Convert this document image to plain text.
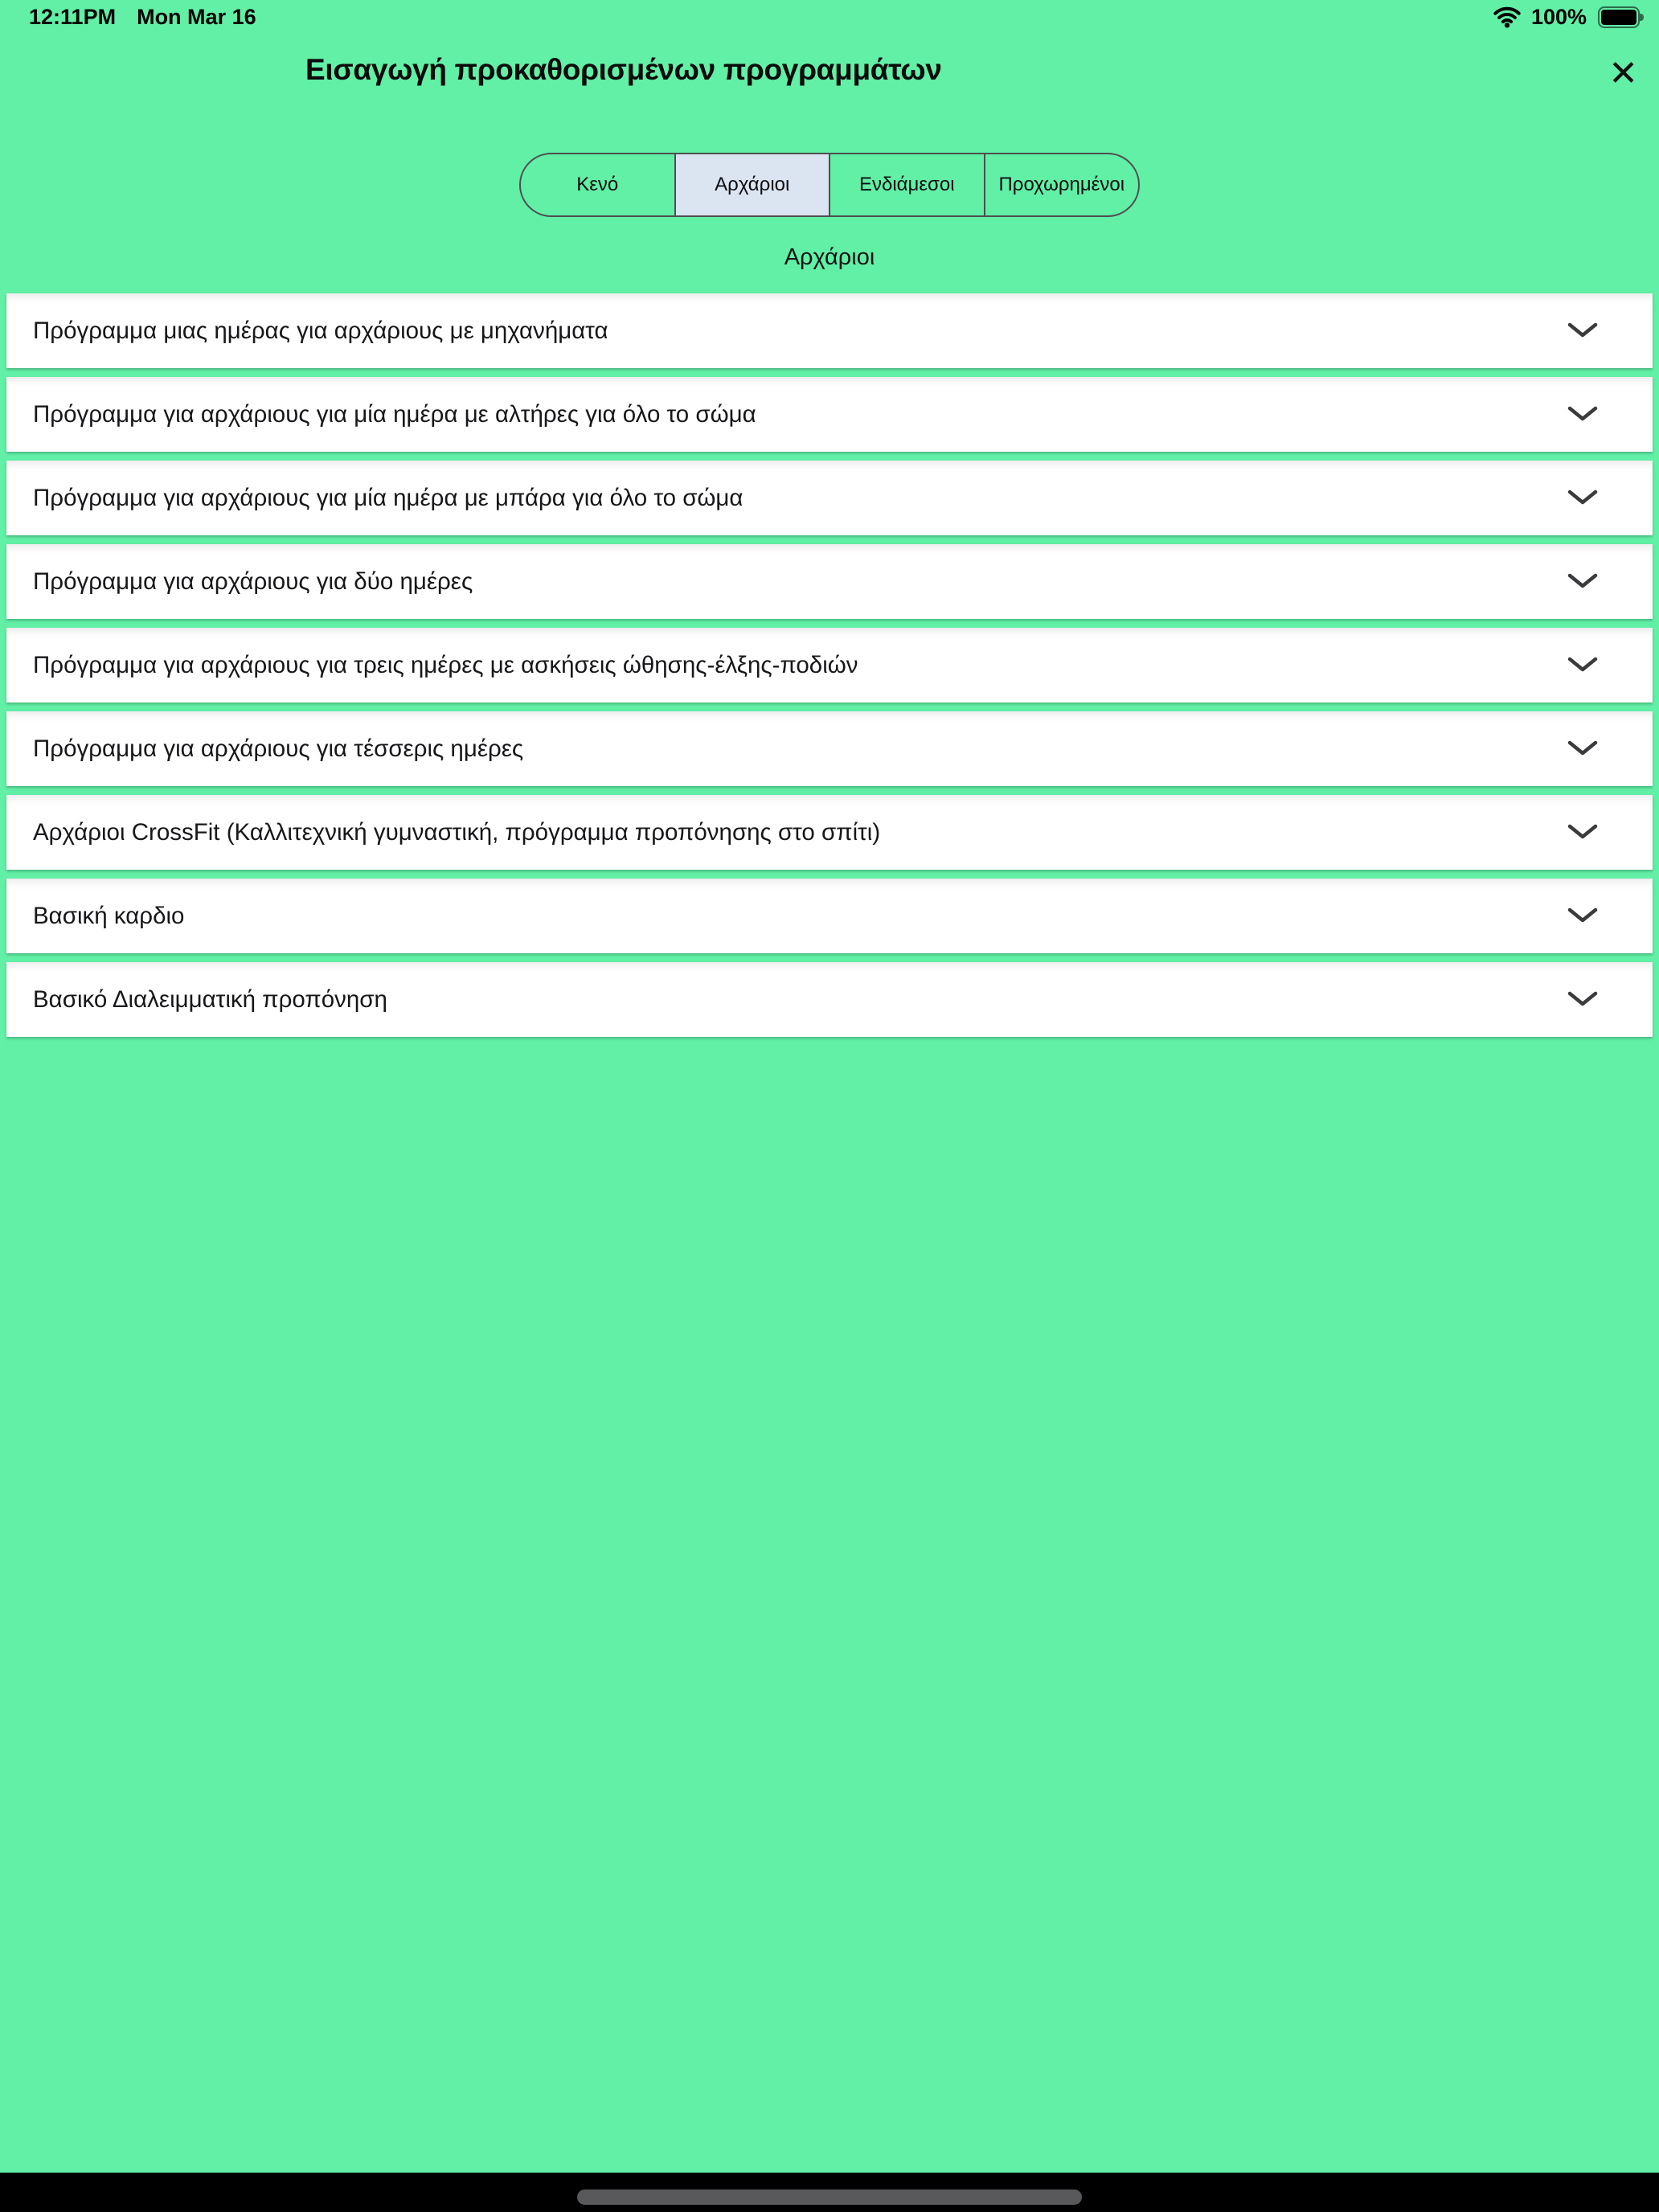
12:11PM Mon Mar 16	100%
Εισαγωγή προκαθορισμένων προγραμμάτων	✕
Κενό	Αρχάριοι	Ενδιάμεσοι	Προχωρημένοι
Αρχάριοι
Πρόγραμμα μιας ημέρας για αρχάριους με μηχανήματα
Πρόγραμμα για αρχάριους για μία ημέρα με αλτήρες για όλο το σώμα
Πρόγραμμα για αρχάριους για μία ημέρα με μπάρα για όλο το σώμα
Πρόγραμμα για αρχάριους για δύο ημέρες
Πρόγραμμα για αρχάριους για τρεις ημέρες με ασκήσεις ώθησης-έλξης-ποδιών
Πρόγραμμα για αρχάριους για τέσσερις ημέρες
Αρχάριοι CrossFit (Καλλιτεχνική γυμναστική, πρόγραμμα προπόνησης στο σπίτι)
Βασική καρδιο
Βασικό Διαλειμματική προπόνηση
